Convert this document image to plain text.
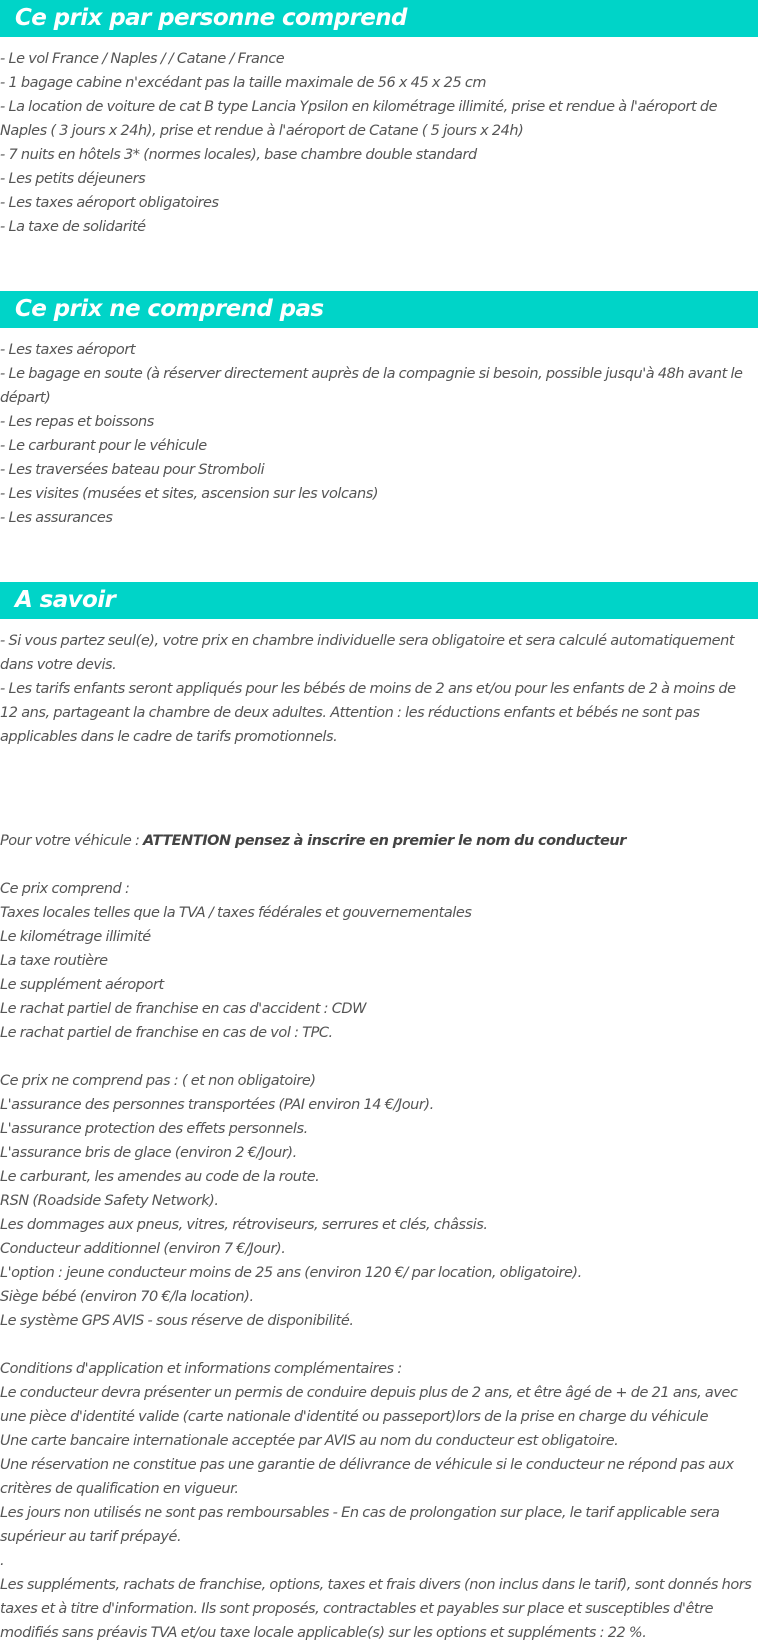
Ce prix par personne comprend
- Le vol France / Naples / / Catane / France
- 1 bagage cabine n'excédant pas la taille maximale de 56 x 45 x 25 cm
- La location de voiture de cat B type Lancia Ypsilon en kilométrage illimité, prise et rendue à l'aéroport de Naples ( 3 jours x 24h), prise et rendue à l'aéroport de Catane ( 5 jours x 24h)
- 7 nuits en hôtels 3* (normes locales), base chambre double standard
- Les petits déjeuners
- Les taxes aéroport obligatoires
- La taxe de solidarité
Ce prix ne comprend pas
- Les taxes aéroport
- Le bagage en soute (à réserver directement auprès de la compagnie si besoin, possible jusqu'à 48h avant le départ)
- Les repas et boissons
- Le carburant pour le véhicule
- Les traversées bateau pour Stromboli
- Les visites (musées et sites, ascension sur les volcans)
- Les assurances
A savoir
- Si vous partez seul(e), votre prix en chambre individuelle sera obligatoire et sera calculé automatiquement dans votre devis.
- Les tarifs enfants seront appliqués pour les bébés de moins de 2 ans et/ou pour les enfants de 2 à moins de 12 ans, partageant la chambre de deux adultes. Attention : les réductions enfants et bébés ne sont pas applicables dans le cadre de tarifs promotionnels.
Pour votre véhicule : ATTENTION pensez à inscrire en premier le nom du conducteur
Ce prix comprend :
Taxes locales telles que la TVA / taxes fédérales et gouvernementales
Le kilométrage illimité
La taxe routière
Le supplément aéroport
Le rachat partiel de franchise en cas d'accident : CDW
Le rachat partiel de franchise en cas de vol : TPC.
Ce prix ne comprend pas : ( et non obligatoire)
L'assurance des personnes transportées (PAI environ 14 €/Jour).
L'assurance protection des effets personnels.
L'assurance bris de glace (environ 2 €/Jour).
Le carburant, les amendes au code de la route.
RSN (Roadside Safety Network).
Les dommages aux pneus, vitres, rétroviseurs, serrures et clés, châssis.
Conducteur additionnel (environ 7 €/Jour).
L'option : jeune conducteur moins de 25 ans (environ 120 €/ par location, obligatoire).
Siège bébé (environ 70 €/la location).
Le système GPS AVIS - sous réserve de disponibilité.
Conditions d'application et informations complémentaires :
Le conducteur devra présenter un permis de conduire depuis plus de 2 ans, et être âgé de + de 21 ans, avec une pièce d'identité valide (carte nationale d'identité ou passeport)lors de la prise en charge du véhicule
Une carte bancaire internationale acceptée par AVIS au nom du conducteur est obligatoire.
Une réservation ne constitue pas une garantie de délivrance de véhicule si le conducteur ne répond pas aux critères de qualification en vigueur.
Les jours non utilisés ne sont pas remboursables - En cas de prolongation sur place, le tarif applicable sera supérieur au tarif prépayé.
.
Les suppléments, rachats de franchise, options, taxes et frais divers (non inclus dans le tarif), sont donnés hors taxes et à titre d'information. Ils sont proposés, contractables et payables sur place et susceptibles d'être modifiés sans préavis TVA et/ou taxe locale applicable(s) sur les options et suppléments : 22 %.
